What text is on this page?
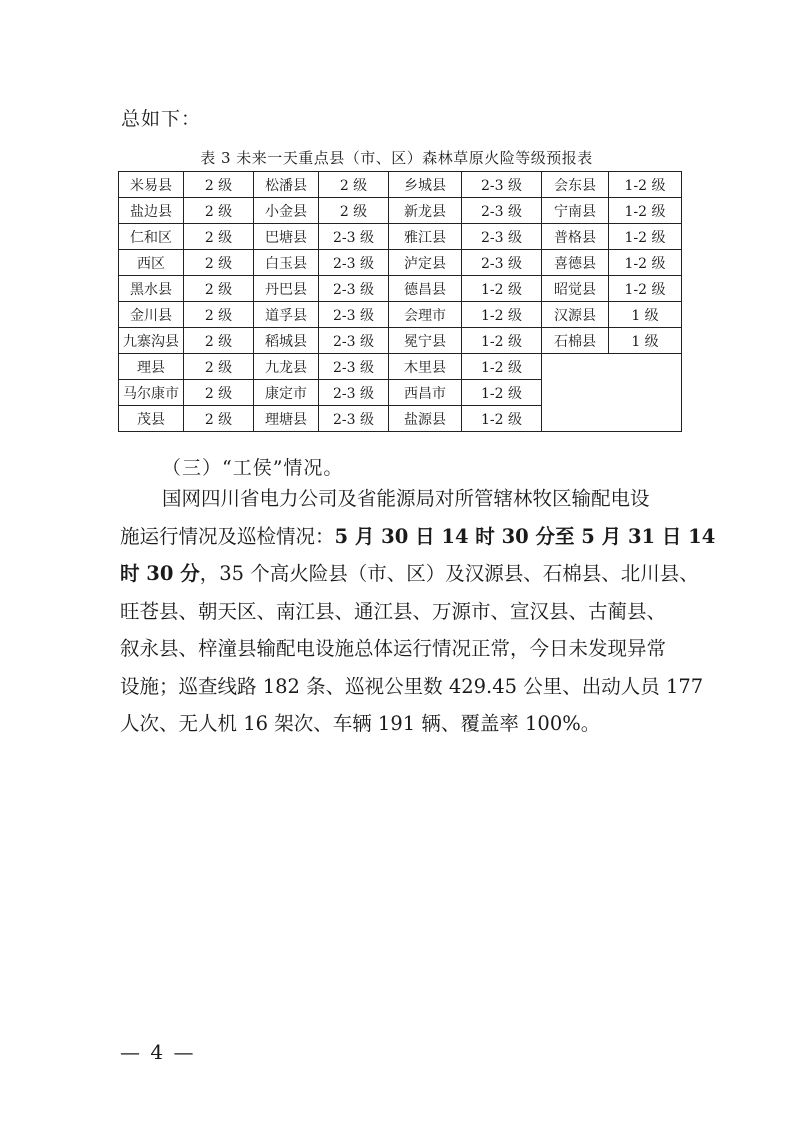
总如下：
表 3 未来一天重点县（市、区）森林草原火险等级预报表
米易县	2 级	松潘县	2 级	乡城县	2-3 级	会东县	1-2 级
盐边县	2 级	小金县	2 级	新龙县	2-3 级	宁南县	1-2 级
仁和区	2 级	巴塘县	2-3 级	雅江县	2-3 级	普格县	1-2 级
西区	2 级	白玉县	2-3 级	泸定县	2-3 级	喜德县	1-2 级
黑水县	2 级	丹巴县	2-3 级	德昌县	1-2 级	昭觉县	1-2 级
金川县	2 级	道孚县	2-3 级	会理市	1-2 级	汉源县	1 级
九寨沟县	2 级	稻城县	2-3 级	冕宁县	1-2 级	石棉县	1 级
理县	2 级	九龙县	2-3 级	木里县	1-2 级		
马尔康市	2 级	康定市	2-3 级	西昌市	1-2 级		
茂县	2 级	理塘县	2-3 级	盐源县	1-2 级		
（三）“工侯”情况。
国网四川省电力公司及省能源局对所管辖林牧区输配电设
施运行情况及巡检情况：5 月 30 日 14 时 30 分至 5 月 31 日 14
时 30 分，35 个高火险县（市、区）及汉源县、石棉县、北川县、
旺苍县、朝天区、南江县、通江县、万源市、宣汉县、古蔺县、
叙永县、梓潼县输配电设施总体运行情况正常，今日未发现异常
设施；巡查线路 182 条、巡视公里数 429.45 公里、出动人员 177
人次、无人机 16 架次、车辆 191 辆、覆盖率 100%。
— 4 —
